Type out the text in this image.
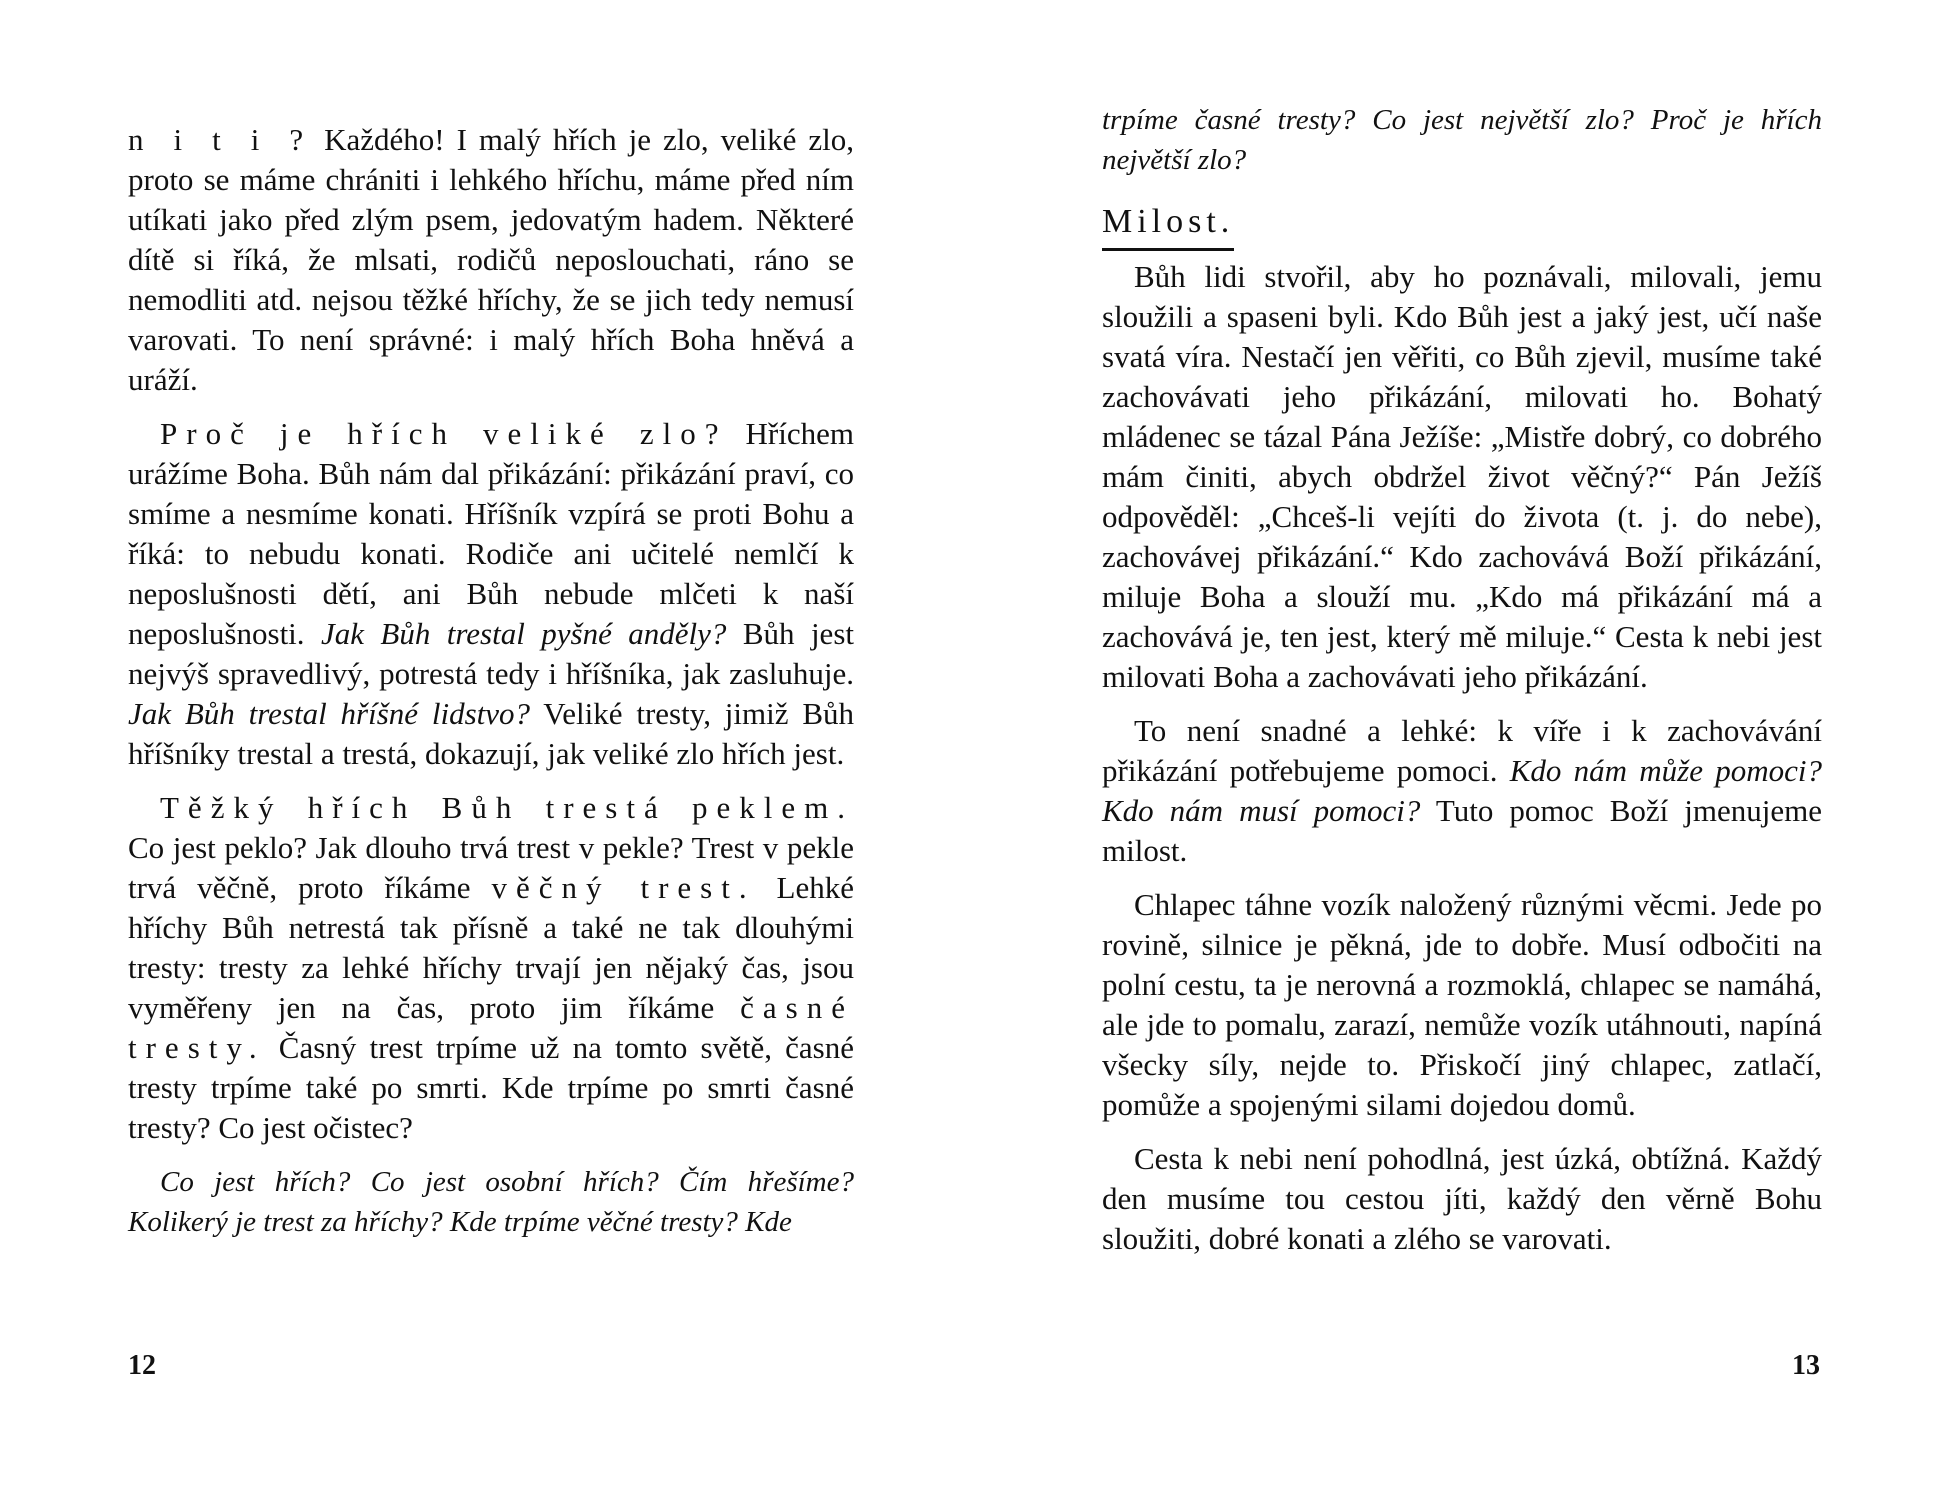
n i t i ? Každého! I malý hřích je zlo, veliké zlo, proto se máme chrániti i lehkého hříchu, máme před ním utíkati jako před zlým psem, jedovatým hadem. Některé dítě si říká, že mlsati, rodičů neposlouchati, ráno se nemodliti atd. nejsou těžké hříchy, že se jich tedy nemusí varovati. To není správné: i malý hřích Boha hněvá a uráží.

Proč je hřích veliké zlo? Hříchem urážíme Boha. Bůh nám dal přikázání: přikázání praví, co smíme a nesmíme konati. Hříšník vzpírá se proti Bohu a říká: to nebudu konati. Rodiče ani učitelé nemlčí k neposlušnosti dětí, ani Bůh nebude mlčeti k naší neposlušnosti. Jak Bůh trestal pyšné anděly? Bůh jest nejvýš spravedlivý, potrestá tedy i hříšníka, jak zasluhuje. Jak Bůh trestal hříšné lidstvo? Veliké tresty, jimiž Bůh hříšníky trestal a trestá, dokazují, jak veliké zlo hřích jest.

Těžký hřích Bůh trestá peklem. Co jest peklo? Jak dlouho trvá trest v pekle? Trest v pekle trvá věčně, proto říkáme věčný trest. Lehké hříchy Bůh netrestá tak přísně a také ne tak dlouhými tresty: tresty za lehké hříchy trvají jen nějaký čas, jsou vyměřeny jen na čas, proto jim říkáme časné tresty. Časný trest trpíme už na tomto světě, časné tresty trpíme také po smrti. Kde trpíme po smrti časné tresty? Co jest očistec?

Co jest hřích? Co jest osobní hřích? Čím hřešíme? Kolikerý je trest za hříchy? Kde trpíme věčné tresty? Kde

12

trpíme časné tresty? Co jest největší zlo? Proč je hřích největší zlo?

Milost.

Bůh lidi stvořil, aby ho poznávali, milovali, jemu sloužili a spaseni byli. Kdo Bůh jest a jaký jest, učí naše svatá víra. Nestačí jen věřiti, co Bůh zjevil, musíme také zachovávati jeho přikázání, milovati ho. Bohatý mládenec se tázal Pána Ježíše: „Mistře dobrý, co dobrého mám činiti, abych obdržel život věčný?“ Pán Ježíš odpověděl: „Chceš-li vejíti do života (t. j. do nebe), zachovávej přikázání.“ Kdo zachovává Boží přikázání, miluje Boha a slouží mu. „Kdo má přikázání má a zachovává je, ten jest, který mě miluje.“ Cesta k nebi jest milovati Boha a zachovávati jeho přikázání.

To není snadné a lehké: k víře i k zachovávání přikázání potřebujeme pomoci. Kdo nám může pomoci? Kdo nám musí pomoci? Tuto pomoc Boží jmenujeme milost.

Chlapec táhne vozík naložený různými věcmi. Jede po rovině, silnice je pěkná, jde to dobře. Musí odbočiti na polní cestu, ta je nerovná a rozmoklá, chlapec se namáhá, ale jde to pomalu, zarazí, nemůže vozík utáhnouti, napíná všecky síly, nejde to. Přiskočí jiný chlapec, zatlačí, pomůže a spojenými silami dojedou domů.

Cesta k nebi není pohodlná, jest úzká, obtížná. Každý den musíme tou cestou jíti, každý den věrně Bohu sloužiti, dobré konati a zlého se varovati.

13
